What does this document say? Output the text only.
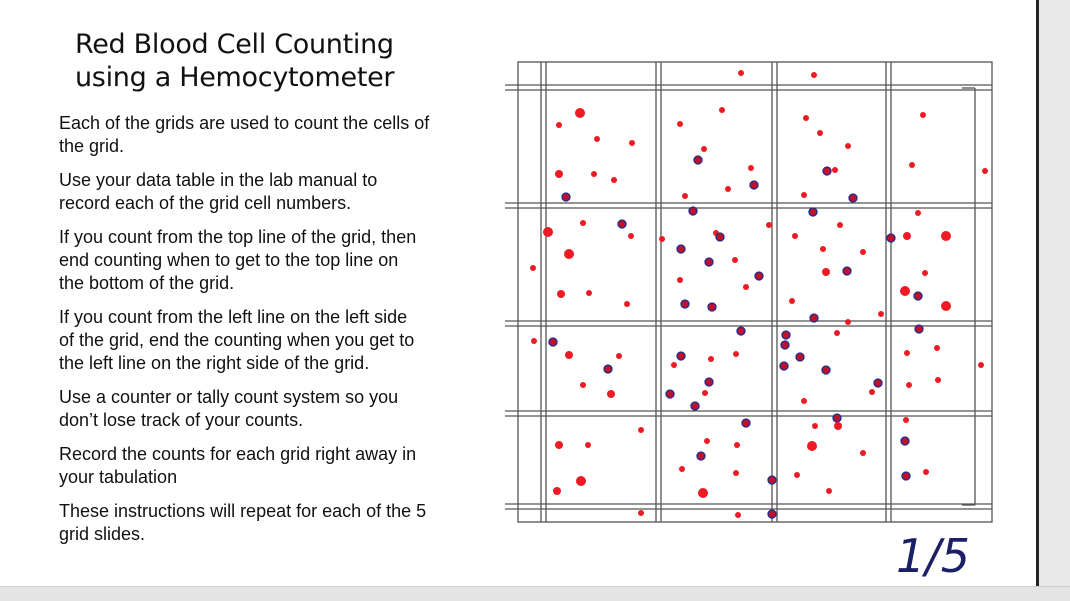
Red Blood Cell Counting
using a Hemocytometer

Each of the grids are used to count the cells of
the grid.

Use your data table in the lab manual to
record each of the grid cell numbers.

If you count from the top line of the grid, then
end counting when to get to the top line on
the bottom of the grid.

If you count from the left line on the left side
of the grid, end the counting when you get to
the left line on the right side of the grid.

Use a counter or tally count system so you
don’t lose track of your counts.

Record the counts for each grid right away in
your tabulation

These instructions will repeat for each of the 5
grid slides.	1/5
